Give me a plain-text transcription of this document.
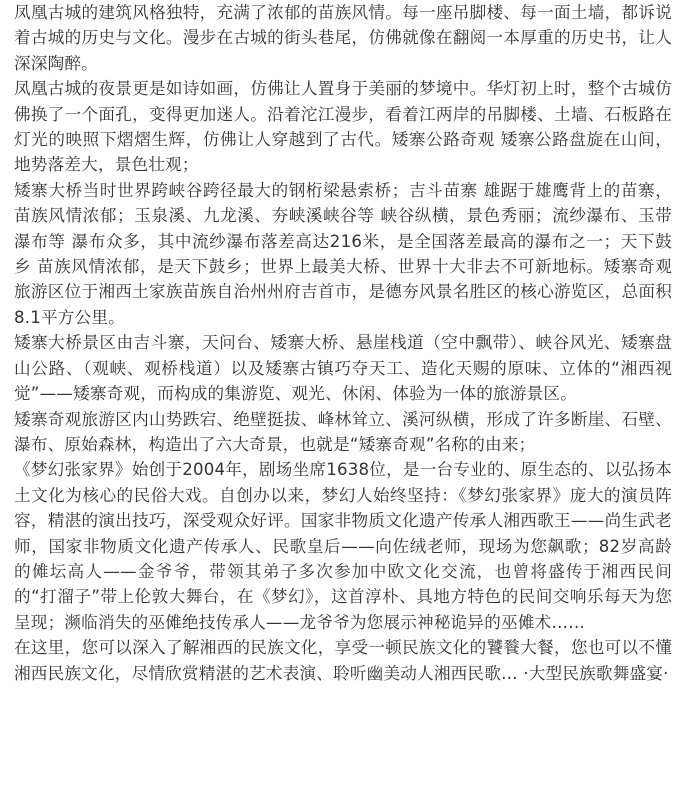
凤凰古城的建筑风格独特，充满了浓郁的苗族风情。每一座吊脚楼、每一面土墙，都诉说着古城的历史与文化。漫步在古城的街头巷尾，仿佛就像在翻阅一本厚重的历史书，让人深深陶醉。

凤凰古城的夜景更是如诗如画，仿佛让人置身于美丽的梦境中。华灯初上时，整个古城仿佛换了一个面孔，变得更加迷人。沿着沱江漫步，看着江两岸的吊脚楼、土墙、石板路在灯光的映照下熠熠生辉，仿佛让人穿越到了古代。矮寨公路奇观 矮寨公路盘旋在山间，地势落差大，景色壮观；

矮寨大桥当时世界跨峡谷跨径最大的钢桁梁悬索桥；吉斗苗寨 雄踞于雄鹰背上的苗寨，苗族风情浓郁；玉泉溪、九龙溪、夯峡溪峡谷等 峡谷纵横，景色秀丽；流纱瀑布、玉带瀑布等 瀑布众多，其中流纱瀑布落差高达216米，是全国落差最高的瀑布之一；天下鼓乡 苗族风情浓郁，是天下鼓乡；世界上最美大桥、世界十大非去不可新地标。矮寨奇观旅游区位于湘西土家族苗族自治州州府吉首市，是德夯风景名胜区的核心游览区，总面积8.1平方公里。

矮寨大桥景区由吉斗寨，天问台、矮寨大桥、悬崖栈道（空中飘带）、峡谷风光、矮寨盘山公路、（观峡、观桥栈道）以及矮寨古镇巧夺天工、造化天赐的原味、立体的“湘西视觉”——矮寨奇观，而构成的集游览、观光、休闲、体验为一体的旅游景区。

矮寨奇观旅游区内山势跌宕、绝壁挺拔、峰林耸立、溪河纵横，形成了许多断崖、石壁、瀑布、原始森林，构造出了六大奇景，也就是“矮寨奇观”名称的由来；

《梦幻张家界》始创于2004年，剧场坐席1638位，是一台专业的、原生态的、以弘扬本土文化为核心的民俗大戏。自创办以来，梦幻人始终坚持：《梦幻张家界》庞大的演员阵容，精湛的演出技巧，深受观众好评。国家非物质文化遗产传承人湘西歌王——尚生武老师，国家非物质文化遗产传承人、民歌皇后——向佐绒老师，现场为您飙歌；82岁高龄的傩坛高人——金爷爷，带领其弟子多次参加中欧文化交流，也曾将盛传于湘西民间的“打溜子”带上伦敦大舞台，在《梦幻》，这首淳朴、具地方特色的民间交响乐每天为您呈现；濒临消失的巫傩绝技传承人——龙爷爷为您展示神秘诡异的巫傩术……

在这里，您可以深入了解湘西的民族文化，享受一顿民族文化的饕餮大餐，您也可以不懂湘西民族文化，尽情欣赏精湛的艺术表演、聆听幽美动人湘西民歌… ·大型民族歌舞盛宴·
